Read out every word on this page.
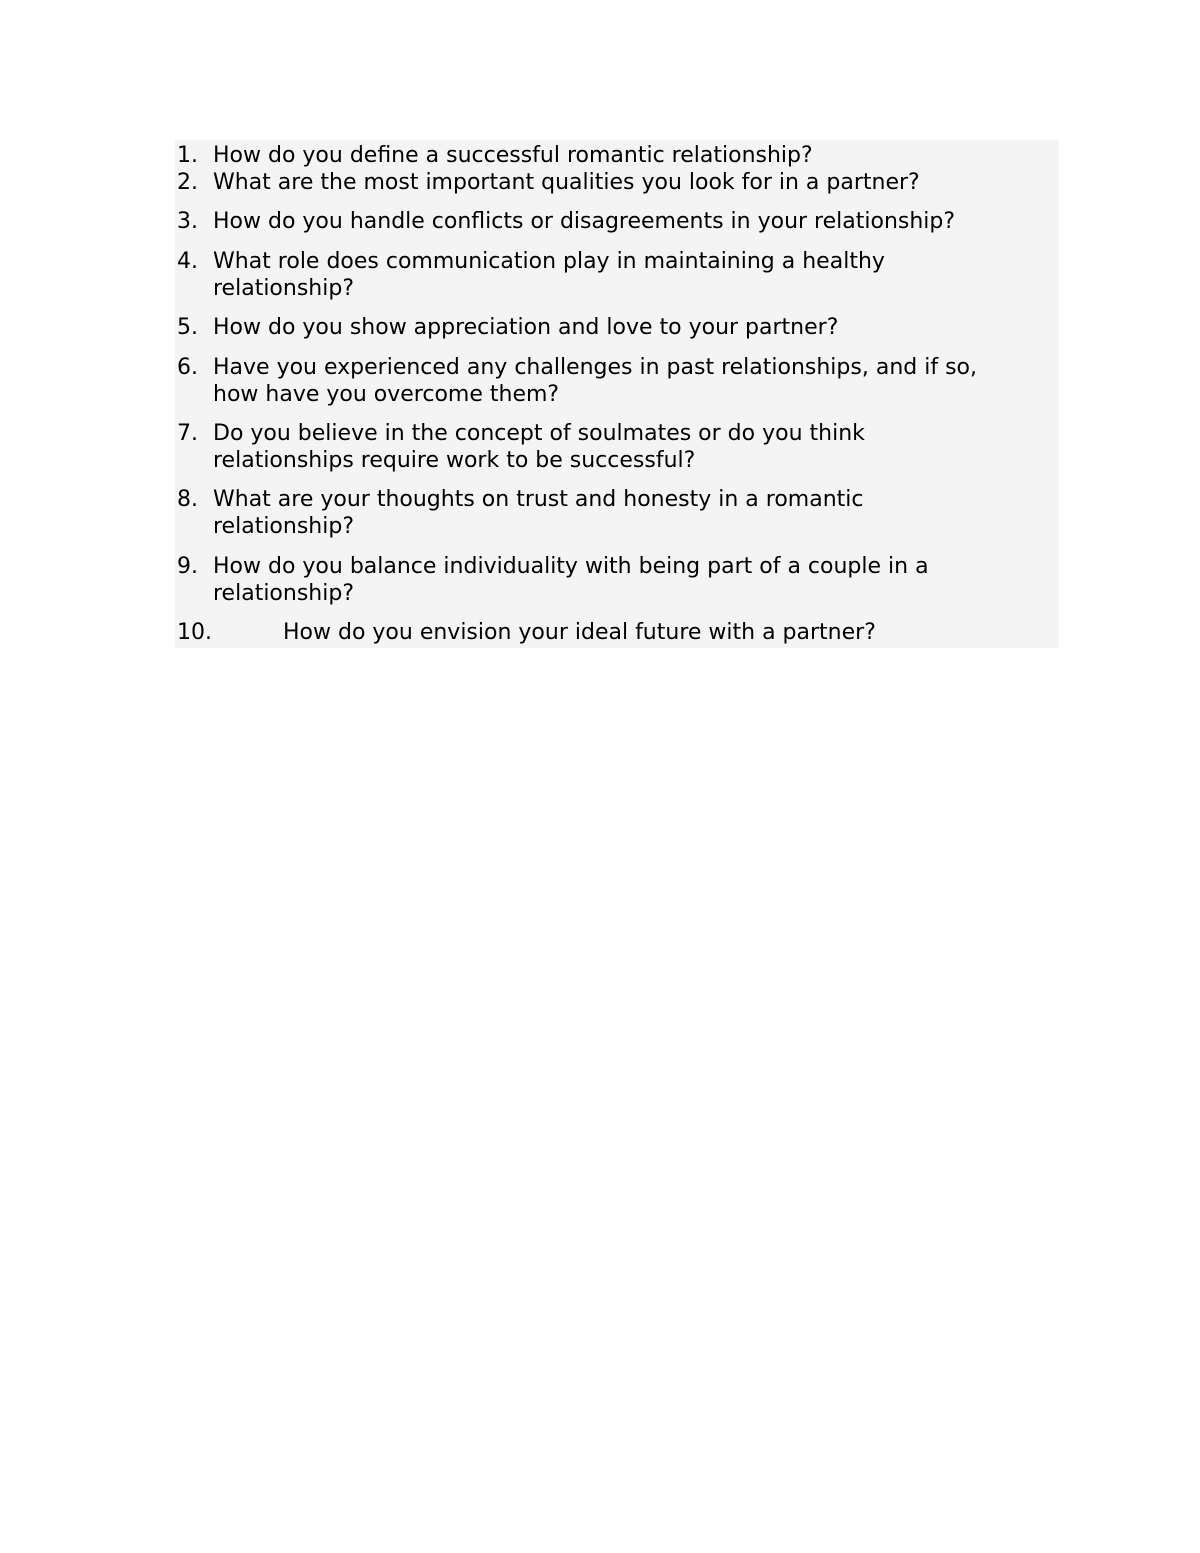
1. How do you define a successful romantic relationship?
2. What are the most important qualities you look for in a partner?
3. How do you handle conflicts or disagreements in your relationship?
4. What role does communication play in maintaining a healthy
relationship?
5. How do you show appreciation and love to your partner?
6. Have you experienced any challenges in past relationships, and if so,
how have you overcome them?
7. Do you believe in the concept of soulmates or do you think
relationships require work to be successful?
8. What are your thoughts on trust and honesty in a romantic
relationship?
9. How do you balance individuality with being part of a couple in a
relationship?
10.	How do you envision your ideal future with a partner?
